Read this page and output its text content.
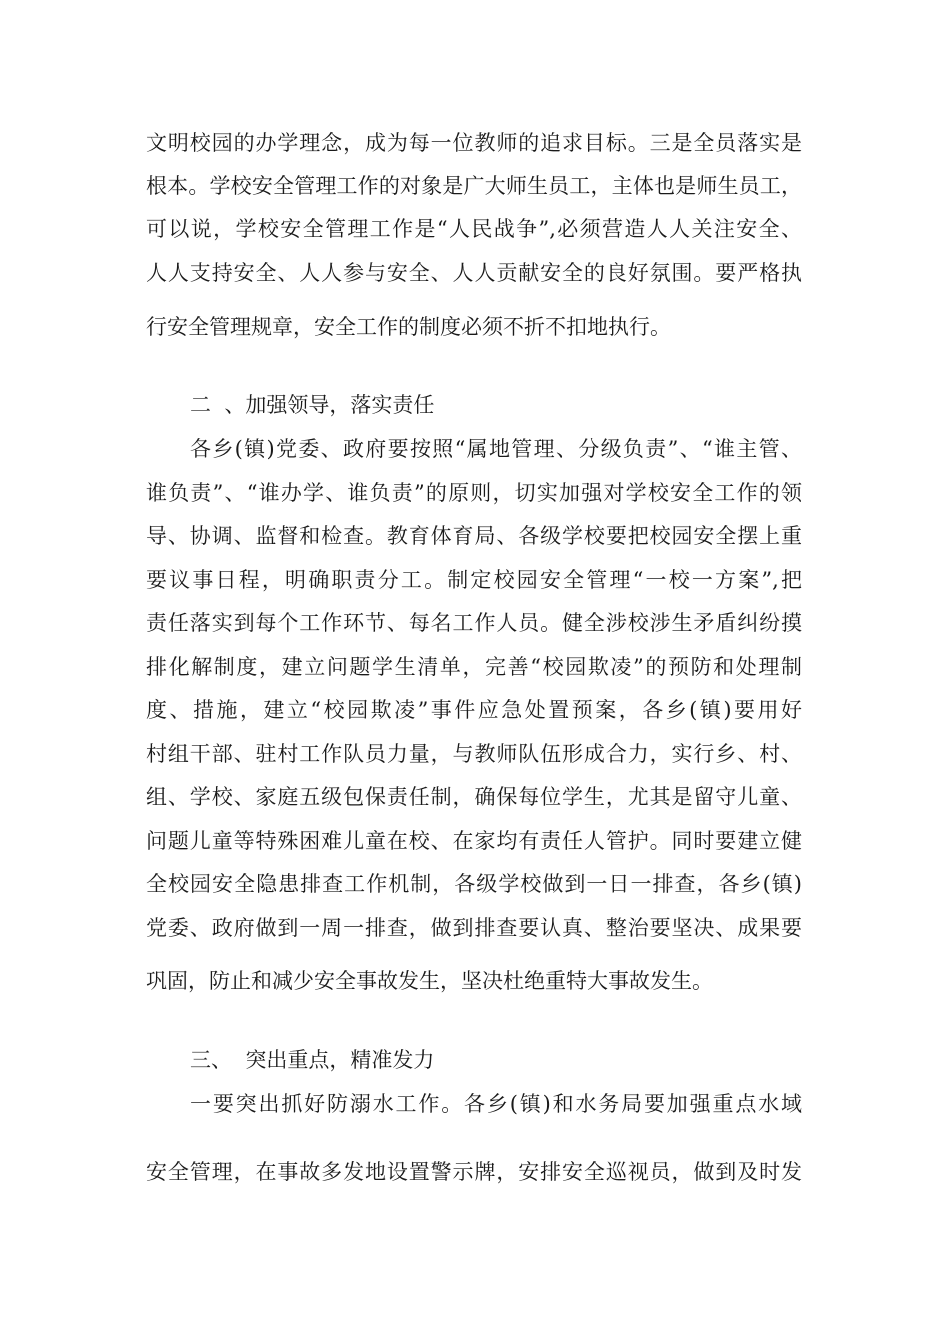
文明校园的办学理念，成为每一位教师的追求目标。三是全员落实是
根本。学校安全管理工作的对象是广大师生员工，主体也是师生员工，
可以说，学校安全管理工作是“人民战争”,必须营造人人关注安全、
人人支持安全、人人参与安全、人人贡献安全的良好氛围。要严格执
行安全管理规章，安全工作的制度必须不折不扣地执行。
二  、加强领导，落实责任
各乡(镇)党委、政府要按照“属地管理、分级负责”、“谁主管、
谁负责”、“谁办学、谁负责”的原则，切实加强对学校安全工作的领
导、协调、监督和检查。教育体育局、各级学校要把校园安全摆上重
要议事日程，明确职责分工。制定校园安全管理“一校一方案”,把
责任落实到每个工作环节、每名工作人员。健全涉校涉生矛盾纠纷摸
排化解制度，建立问题学生清单，完善“校园欺凌”的预防和处理制
度、措施，建立“校园欺凌”事件应急处置预案，各乡(镇)要用好
村组干部、驻村工作队员力量，与教师队伍形成合力，实行乡、村、
组、学校、家庭五级包保责任制，确保每位学生，尤其是留守儿童、
问题儿童等特殊困难儿童在校、在家均有责任人管护。同时要建立健
全校园安全隐患排查工作机制，各级学校做到一日一排查，各乡(镇)
党委、政府做到一周一排查，做到排查要认真、整治要坚决、成果要
巩固，防止和减少安全事故发生，坚决杜绝重特大事故发生。
三、  突出重点，精准发力
一要突出抓好防溺水工作。各乡(镇)和水务局要加强重点水域
安全管理，在事故多发地设置警示牌，安排安全巡视员，做到及时发
